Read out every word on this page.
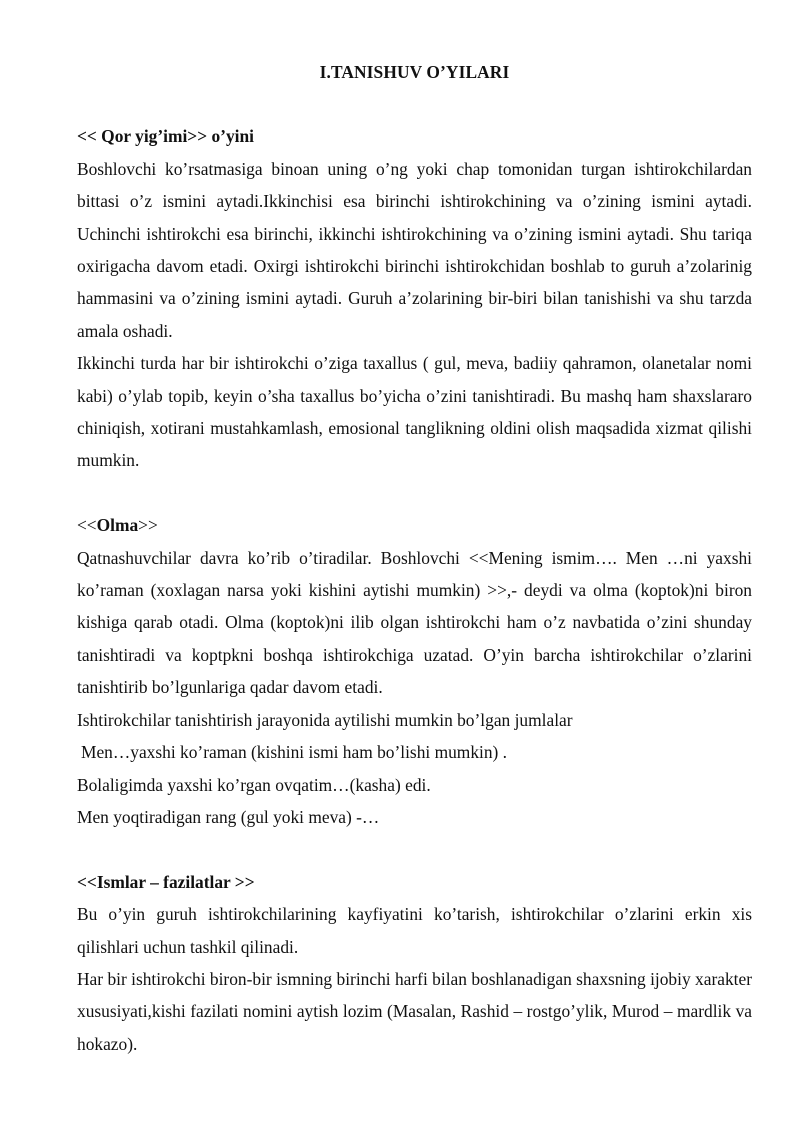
I.TANISHUV O’YILARI

<< Qor yig’imi>> o’yini

Boshlovchi ko’rsatmasiga binoan uning o’ng yoki chap tomonidan turgan ishtirokchilardan bittasi o’z ismini aytadi.Ikkinchisi esa birinchi ishtirokchining va o’zining ismini aytadi. Uchinchi ishtirokchi esa birinchi, ikkinchi ishtirokchining va o’zining ismini aytadi. Shu tariqa oxirigacha davom etadi. Oxirgi ishtirokchi birinchi ishtirokchidan boshlab to guruh a’zolarinig hammasini va o’zining ismini aytadi. Guruh a’zolarining bir-biri bilan tanishishi va shu tarzda amala oshadi.

Ikkinchi turda har bir ishtirokchi o’ziga taxallus ( gul, meva, badiiy qahramon, olanetalar nomi kabi) o’ylab topib, keyin o’sha taxallus bo’yicha o’zini tanishtiradi. Bu mashq ham shaxslararo chiniqish, xotirani mustahkamlash, emosional tanglikning oldini olish maqsadida xizmat qilishi mumkin.

<<Olma>>

Qatnashuvchilar davra ko’rib o’tiradilar. Boshlovchi <<Mening ismim…. Men …ni yaxshi ko’raman (xoxlagan narsa yoki kishini aytishi mumkin) >>,- deydi va olma (koptok)ni biron kishiga qarab otadi. Olma (koptok)ni ilib olgan ishtirokchi ham o’z navbatida o’zini shunday tanishtiradi va koptpkni boshqa ishtirokchiga uzatad. O’yin barcha ishtirokchilar o’zlarini tanishtirib bo’lgunlariga qadar davom etadi.

Ishtirokchilar tanishtirish jarayonida aytilishi mumkin bo’lgan jumlalar

Men…yaxshi ko’raman (kishini ismi ham bo’lishi mumkin) .

Bolaligimda yaxshi ko’rgan ovqatim…(kasha) edi.

Men yoqtiradigan rang (gul yoki meva) -…

<<Ismlar – fazilatlar >>

Bu o’yin guruh ishtirokchilarining kayfiyatini ko’tarish, ishtirokchilar o’zlarini erkin xis qilishlari uchun tashkil qilinadi.

Har bir ishtirokchi biron-bir ismning birinchi harfi bilan boshlanadigan shaxsning ijobiy xarakter xususiyati,kishi fazilati nomini aytish lozim (Masalan, Rashid – rostgo’ylik, Murod – mardlik va hokazo).
